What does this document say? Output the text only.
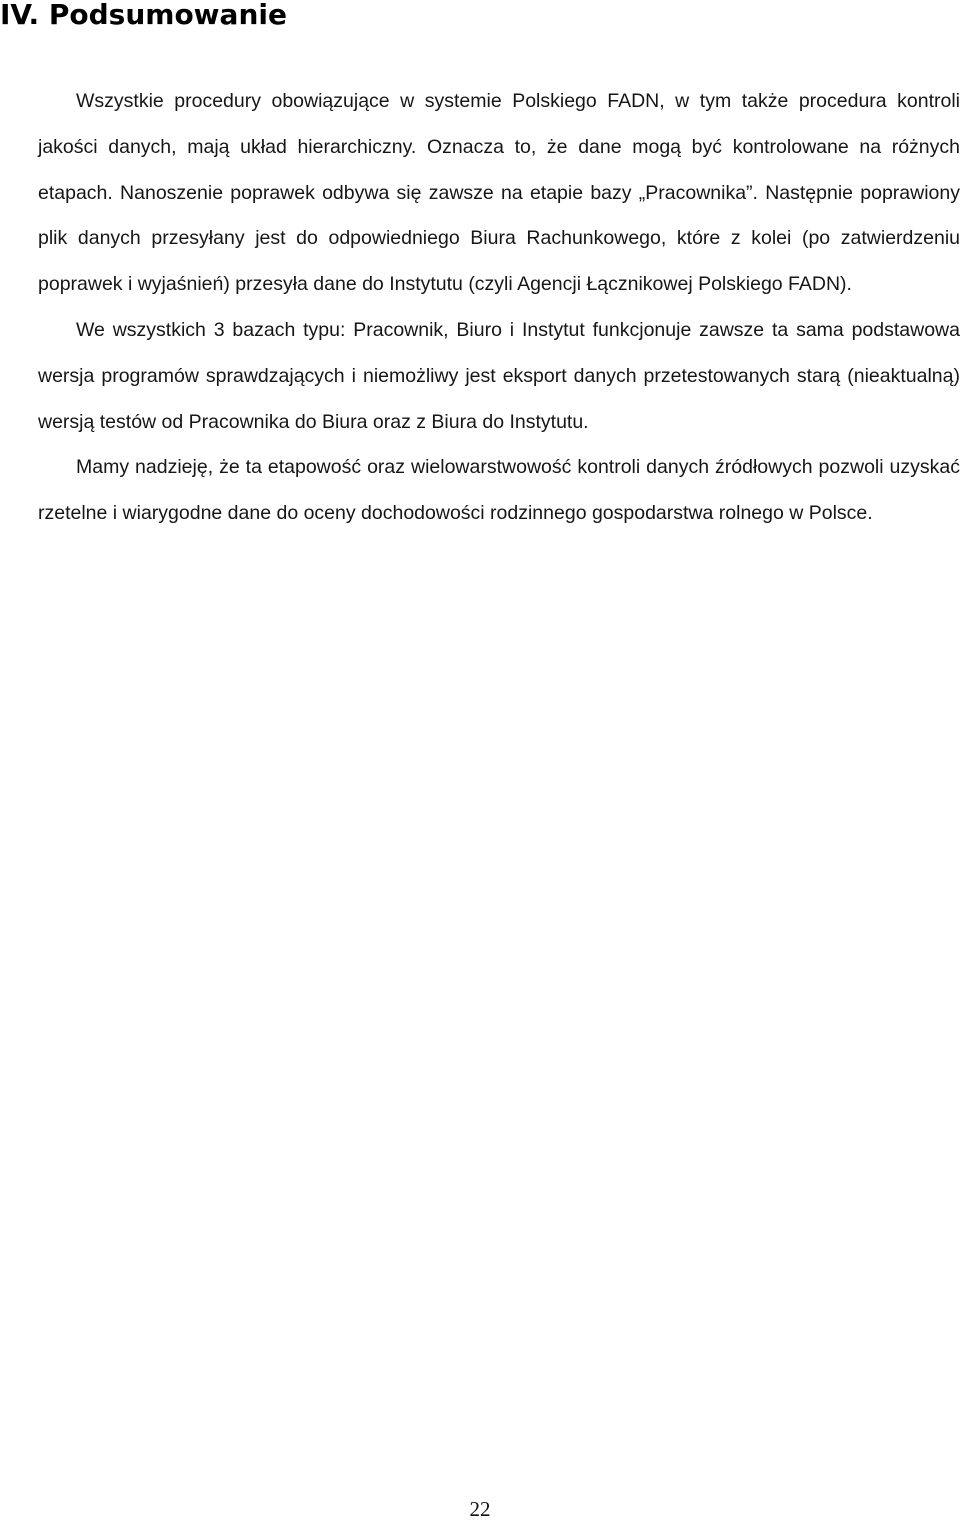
IV. Podsumowanie

Wszystkie procedury obowiązujące w systemie Polskiego FADN, w tym także procedura kontroli jakości danych, mają układ hierarchiczny. Oznacza to, że dane mogą być kontrolowane na różnych etapach. Nanoszenie poprawek odbywa się zawsze na etapie bazy „Pracownika”. Następnie poprawiony plik danych przesyłany jest do odpowiedniego Biura Rachunkowego, które z kolei (po zatwierdzeniu poprawek i wyjaśnień) przesyła dane do Instytutu (czyli Agencji Łącznikowej Polskiego FADN).

We wszystkich 3 bazach typu: Pracownik, Biuro i Instytut funkcjonuje zawsze ta sama podstawowa wersja programów sprawdzających i niemożliwy jest eksport danych przetestowanych starą (nieaktualną) wersją testów od Pracownika do Biura oraz z Biura do Instytutu.

Mamy nadzieję, że ta etapowość oraz wielowarstwowość kontroli danych źródłowych pozwoli uzyskać rzetelne i wiarygodne dane do oceny dochodowości rodzinnego gospodarstwa rolnego w Polsce.

22
